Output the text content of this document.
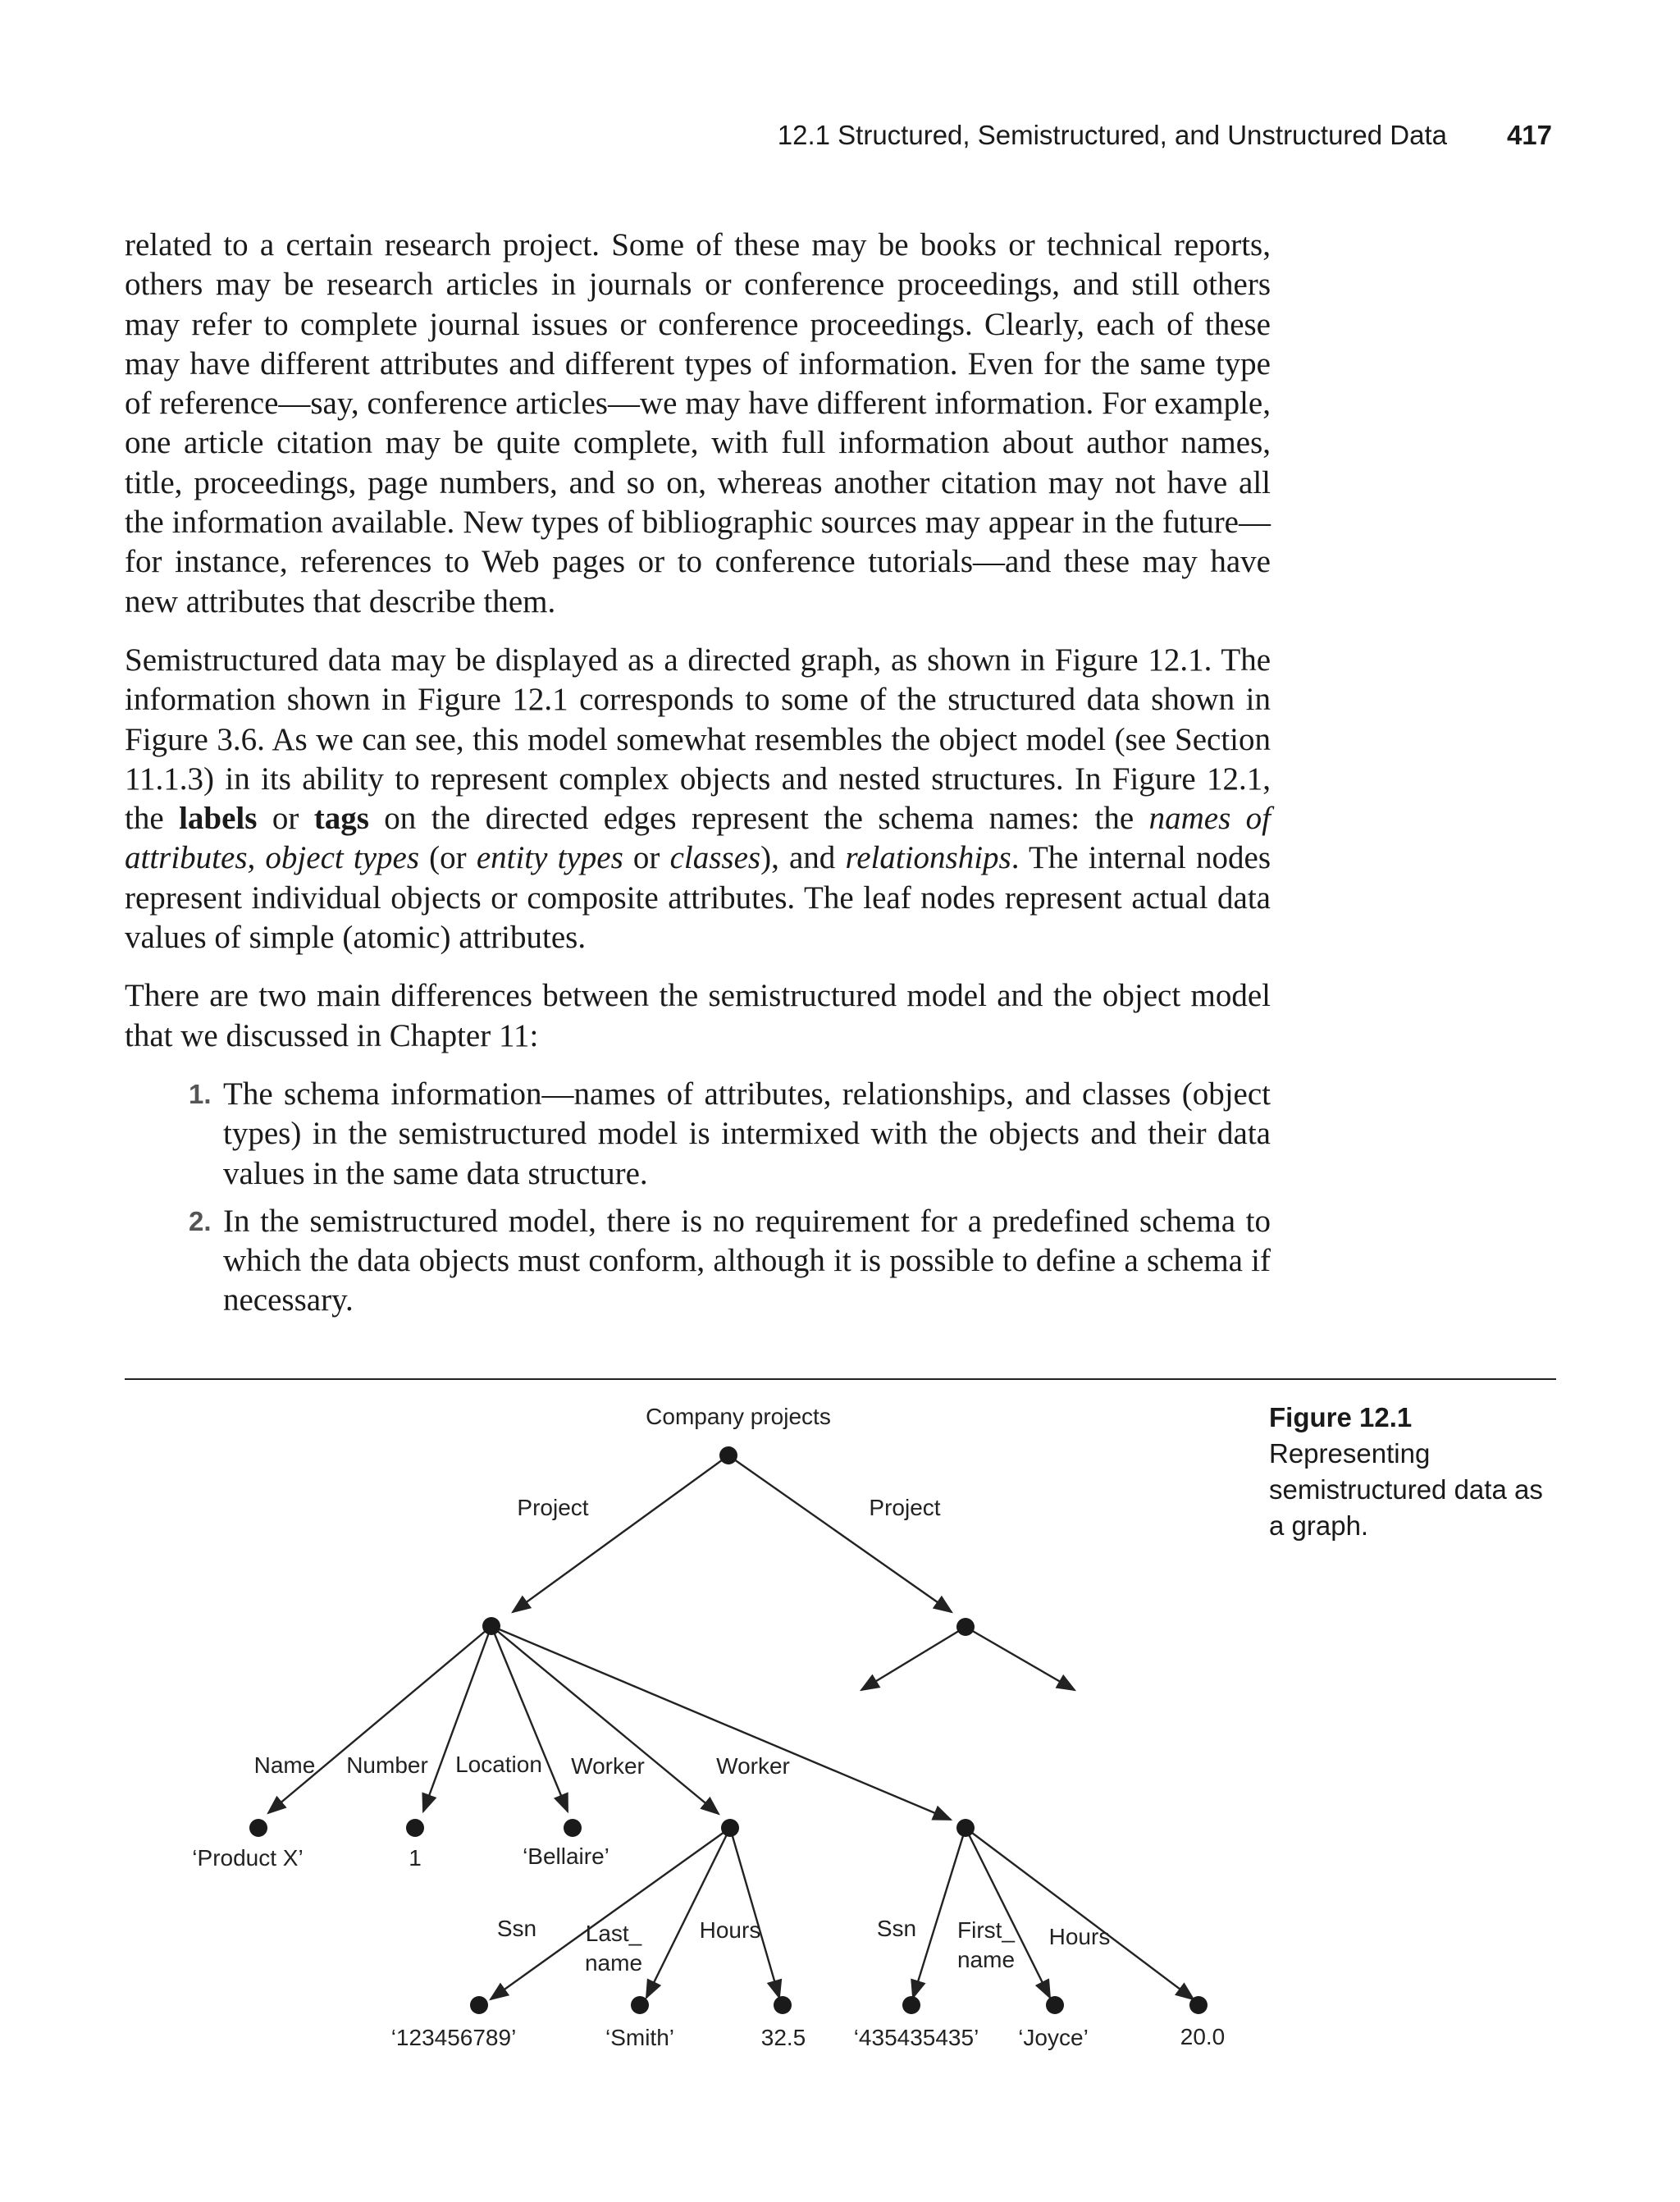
12.1 Structured, Semistructured, and Unstructured Data 417

related to a certain research project. Some of these may be books or technical reports, others may be research articles in journals or conference proceedings, and still others may refer to complete journal issues or conference proceedings. Clearly, each of these may have different attributes and different types of information. Even for the same type of reference—say, conference articles—we may have different information. For example, one article citation may be quite complete, with full information about author names, title, proceedings, page numbers, and so on, whereas another citation may not have all the information available. New types of bibliographic sources may appear in the future—for instance, references to Web pages or to conference tutorials—and these may have new attributes that describe them.

Semistructured data may be displayed as a directed graph, as shown in Figure 12.1. The information shown in Figure 12.1 corresponds to some of the structured data shown in Figure 3.6. As we can see, this model somewhat resembles the object model (see Section 11.1.3) in its ability to represent complex objects and nested structures. In Figure 12.1, the labels or tags on the directed edges represent the schema names: the names of attributes, object types (or entity types or classes), and relationships. The internal nodes represent individual objects or composite attributes. The leaf nodes represent actual data values of simple (atomic) attributes.

There are two main differences between the semistructured model and the object model that we discussed in Chapter 11:

1. The schema information—names of attributes, relationships, and classes (object types) in the semistructured model is intermixed with the objects and their data values in the same data structure.
2. In the semistructured model, there is no requirement for a predefined schema to which the data objects must conform, although it is possible to define a schema if necessary.
Figure 12.1
Representing semistructured data as a graph.
Company projects
Project	Project
Name Number Location Worker	Worker
Ssn Last_
name
Hours	Ssn First_
name
Hours
‘Product X’	1	‘Bellaire’
‘123456789’	‘Smith’	32.5 ‘435435435’ ‘Joyce’	20.0
